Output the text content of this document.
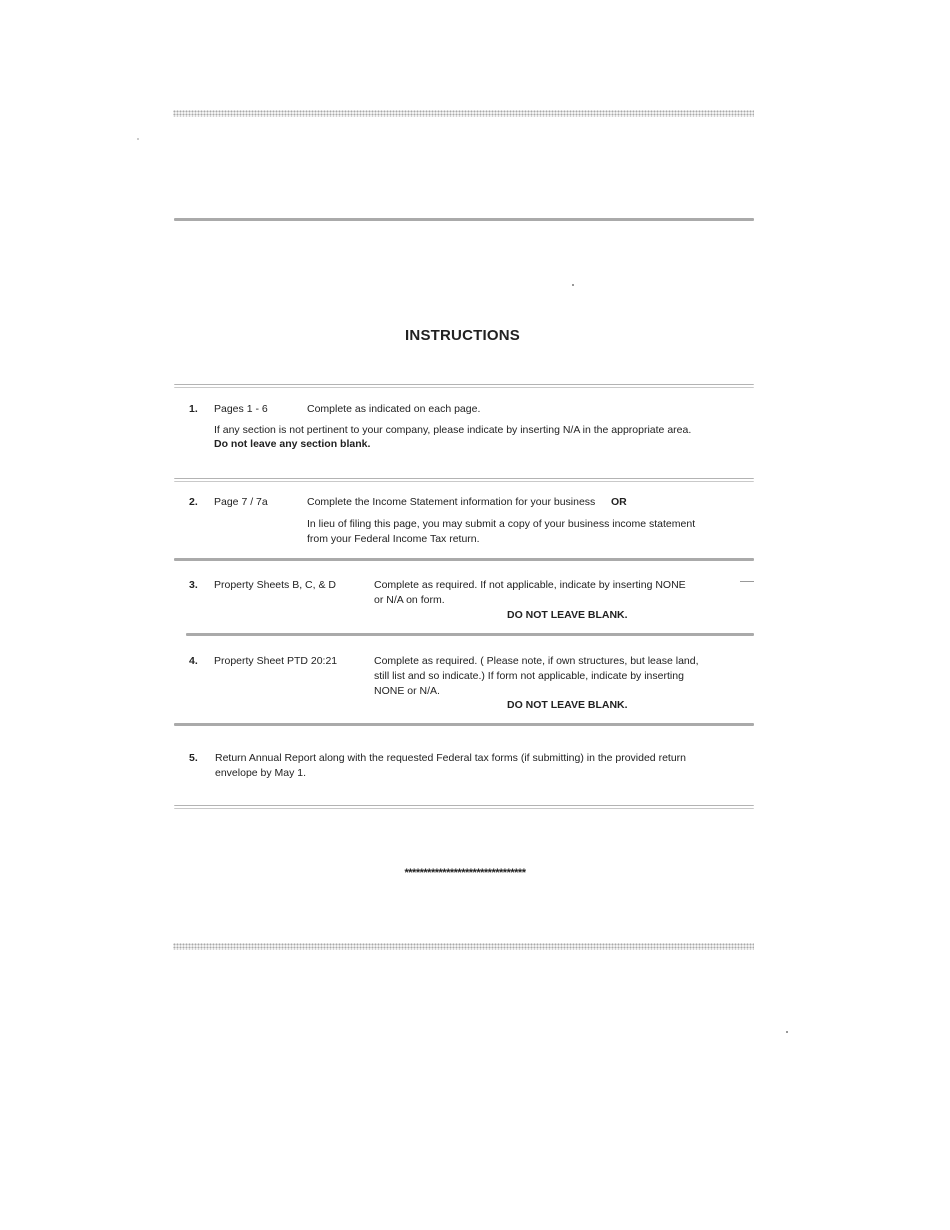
INSTRUCTIONS
1. Pages 1 - 6	Complete as indicated on each page.
If any section is not pertinent to your company, please indicate by inserting N/A in the appropriate area.
Do not leave any section blank.
2. Page 7 / 7a	Complete the Income Statement information for your business OR
In lieu of filing this page, you may submit a copy of your business income statement
from your Federal Income Tax return.
3. Property Sheets B, C, & D	Complete as required. If not applicable, indicate by inserting NONE
or N/A on form.
DO NOT LEAVE BLANK.
4. Property Sheet PTD 20:21	Complete as required. ( Please note, if own structures, but lease land,
still list and so indicate.) If form not applicable, indicate by inserting
NONE or N/A.
DO NOT LEAVE BLANK.
5. Return Annual Report along with the requested Federal tax forms (if submitting) in the provided return
envelope by May 1.
********************************
